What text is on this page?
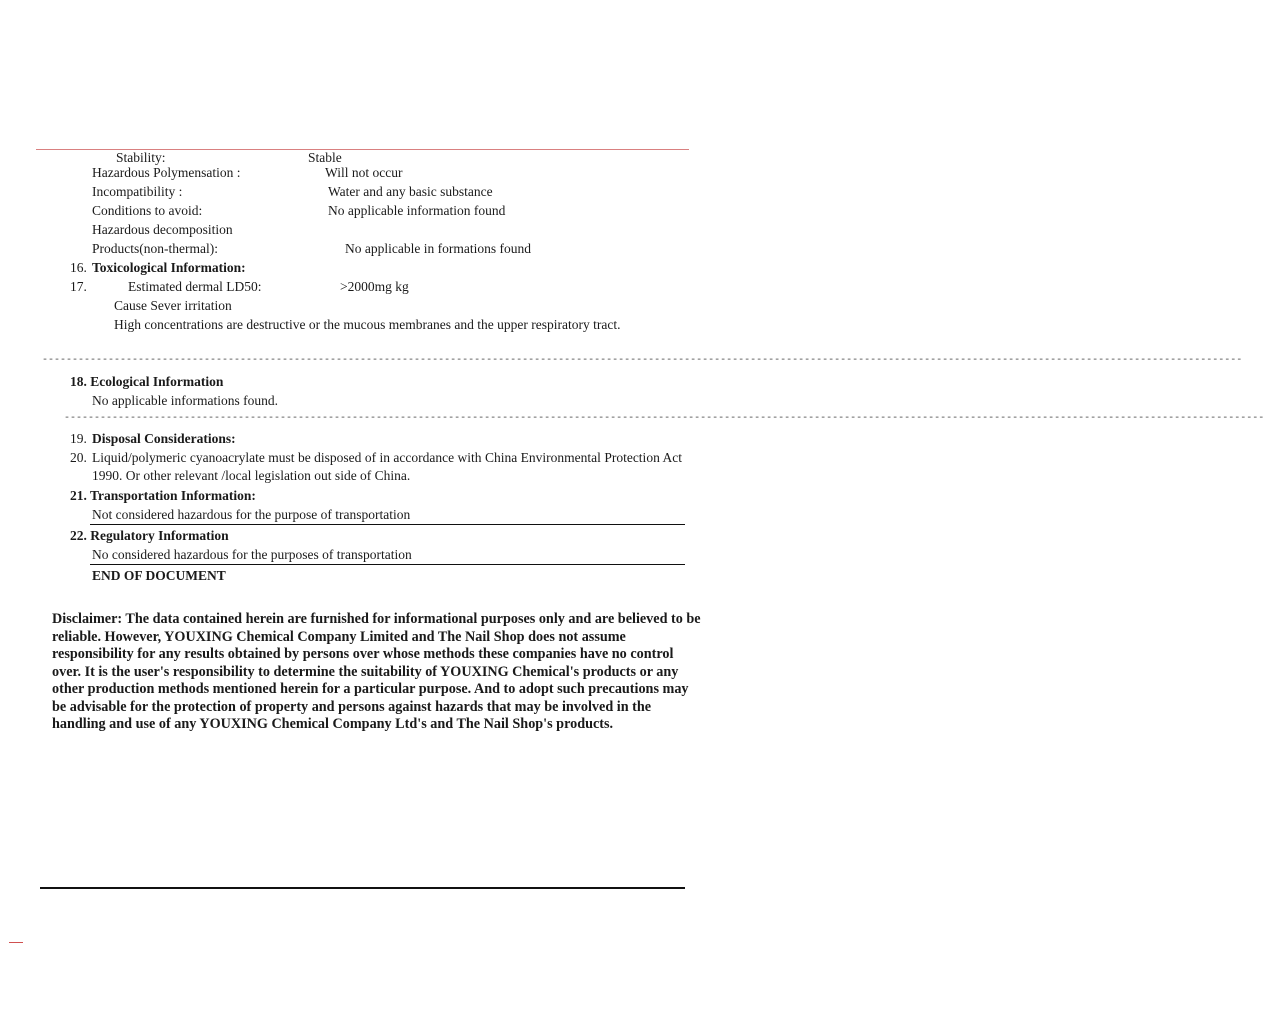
Stability:	Stable
Hazardous Polymensation :	Will not occur
Incompatibility :	Water and any basic substance
Conditions to avoid:	No applicable information found
Hazardous decomposition
Products(non-thermal):	No applicable in formations found
16. Toxicological Information:
17.	Estimated dermal LD50:	>2000mg kg
Cause Sever irritation
High concentrations are destructive or the mucous membranes and the upper respiratory tract.
--------------------------------------------------------------------------------------------------------------------------------------------------------------------------------------------------------
18. Ecological Information
No applicable informations found.
--------------------------------------------------------------------------------------------------------------------------------------------------------------------------------------------------------
19. Disposal Considerations:
20. Liquid/polymeric cyanoacrylate must be disposed of in accordance with China Environmental Protection Act 1990. Or other relevant /local legislation out side of China.
21. Transportation Information:
Not considered hazardous for the purpose of transportation
22. Regulatory Information
No considered hazardous for the purposes of transportation
END OF DOCUMENT
Disclaimer: The data contained herein are furnished for informational purposes only and are believed to be reliable. However, YOUXING Chemical Company Limited and The Nail Shop does not assume responsibility for any results obtained by persons over whose methods these companies have no control over. It is the user's responsibility to determine the suitability of YOUXING Chemical's products or any other production methods mentioned herein for a particular purpose. And to adopt such precautions may be advisable for the protection of property and persons against hazards that may be involved in the handling and use of any YOUXING Chemical Company Ltd's and The Nail Shop's products.
